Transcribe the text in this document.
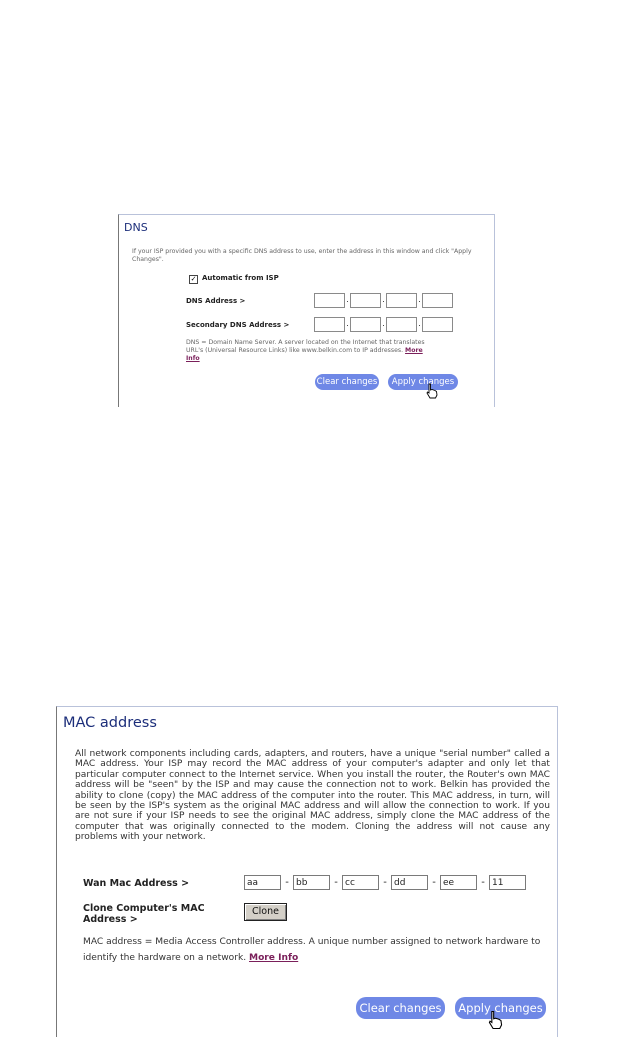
DNS
If your ISP provided you with a specific DNS address to use, enter the address in this window and click "Apply Changes".
✓ Automatic from ISP
DNS Address >	.	.	.
Secondary DNS Address >	.	.	.
DNS = Domain Name Server. A server located on the Internet that translates URL's (Universal Resource Links) like www.belkin.com to IP addresses. More Info
Clear changes	Apply changes
MAC address
All network components including cards, adapters, and routers, have a unique "serial number" called a MAC address. Your ISP may record the MAC address of your computer's adapter and only let that particular computer connect to the Internet service. When you install the router, the Router's own MAC address will be "seen" by the ISP and may cause the connection not to work. Belkin has provided the ability to clone (copy) the MAC address of the computer into the router. This MAC address, in turn, will be seen by the ISP's system as the original MAC address and will allow the connection to work. If you are not sure if your ISP needs to see the original MAC address, simply clone the MAC address of the computer that was originally connected to the modem. Cloning the address will not cause any problems with your network.
Wan Mac Address >	aa	- bb	- cc	- dd	- ee	- 11
Clone Computer's MAC Address >
Clone
MAC address = Media Access Controller address. A unique number assigned to network hardware to identify the hardware on a network. More Info
Clear changes	Apply changes
